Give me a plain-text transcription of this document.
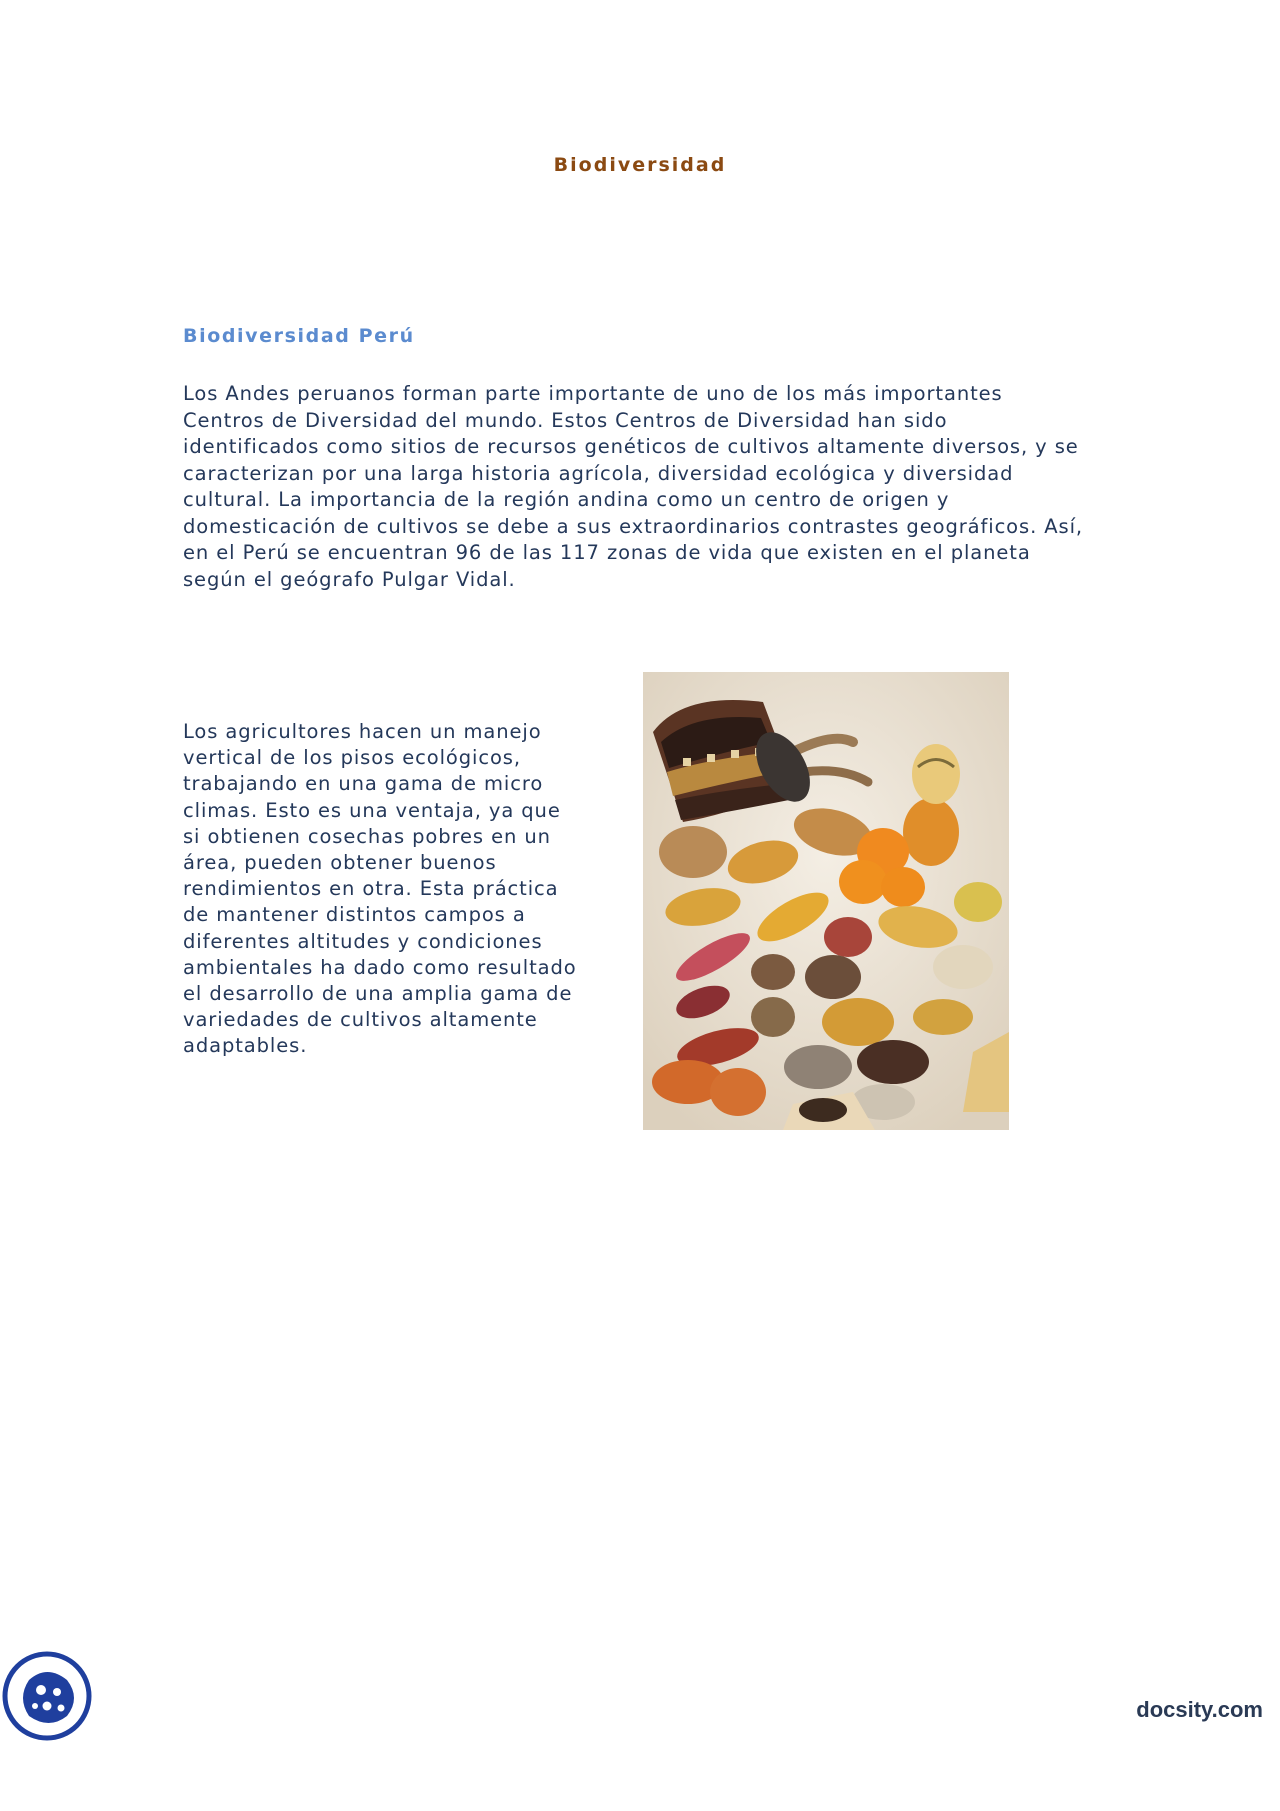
Biodiversidad
Biodiversidad Perú
Los Andes peruanos forman parte importante de uno de los más importantes
Centros de Diversidad del mundo. Estos Centros de Diversidad han sido
identificados como sitios de recursos genéticos de cultivos altamente diversos, y se
caracterizan por una larga historia agrícola, diversidad ecológica y diversidad
cultural. La importancia de la región andina como un centro de origen y
domesticación de cultivos se debe a sus extraordinarios contrastes geográficos. Así,
en el Perú se encuentran 96 de las 117 zonas de vida que existen en el planeta
según el geógrafo Pulgar Vidal.
Los agricultores hacen un manejo
vertical de los pisos ecológicos,
trabajando en una gama de micro
climas. Esto es una ventaja, ya que
si obtienen cosechas pobres en un
área, pueden obtener buenos
rendimientos en otra. Esta práctica
de mantener distintos campos a
diferentes altitudes y condiciones
ambientales ha dado como resultado
el desarrollo de una amplia gama de
variedades de cultivos altamente
adaptables.
docsity.com
